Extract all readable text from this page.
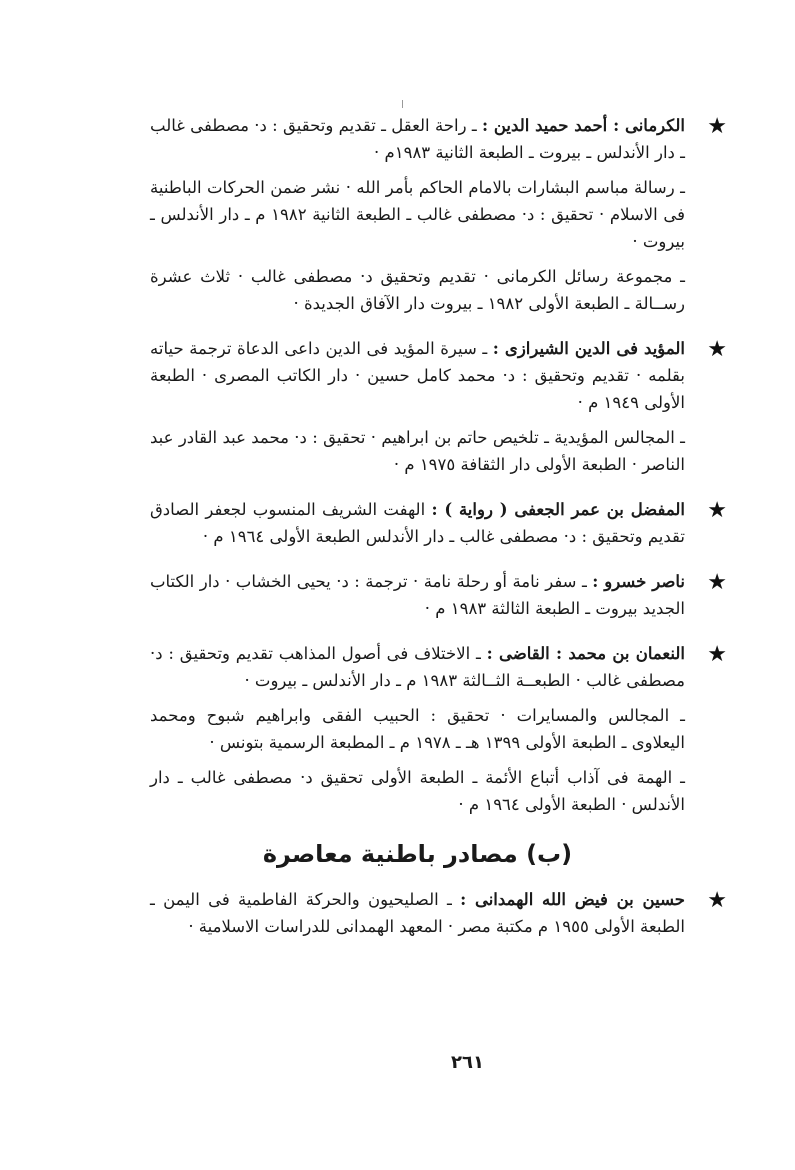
★

الكرمانى : أحمد حميد الدين : ـ راحة العقل ـ تقديم وتحقيق : د· مصطفى غالب ـ دار الأندلس ـ بيروت ـ الطبعة الثانية ١٩٨٣م ·

ـ رسالة مباسم البشارات بالامام الحاكم بأمر الله · نشر ضمن الحركات الباطنية فى الاسلام · تحقيق : د· مصطفى غالب ـ الطبعة الثانية ١٩٨٢ م ـ دار الأندلس ـ بيروت ·

ـ مجموعة رسائل الكرمانى · تقديم وتحقيق د· مصطفى غالب · ثلاث عشرة رســالة ـ الطبعة الأولى ١٩٨٢ ـ بيروت دار الآفاق الجديدة ·

★

المؤيد فى الدين الشيرازى : ـ سيرة المؤيد فى الدين داعى الدعاة ترجمة حياته بقلمه · تقديم وتحقيق : د· محمد كامل حسين · دار الكاتب المصرى · الطبعة الأولى ١٩٤٩ م ·

ـ المجالس المؤيدية ـ تلخيص حاتم بن ابراهيم · تحقيق : د· محمد عبد القادر عبد الناصر · الطبعة الأولى دار الثقافة ١٩٧٥ م ·

★

المفضل بن عمر الجعفى ( رواية ) : الهفت الشريف المنسوب لجعفر الصادق تقديم وتحقيق : د· مصطفى غالب ـ دار الأندلس الطبعة الأولى ١٩٦٤ م ·

★

ناصر خسرو : ـ سفر نامة أو رحلة نامة · ترجمة : د· يحيى الخشاب · دار الكتاب الجديد بيروت ـ الطبعة الثالثة ١٩٨٣ م ·

★

النعمان بن محمد : القاضى : ـ الاختلاف فى أصول المذاهب تقديم وتحقيق : د· مصطفى غالب · الطبعــة الثــالثة ١٩٨٣ م ـ دار الأندلس ـ بيروت ·

ـ المجالس والمسايرات · تحقيق : الحبيب الفقى وابراهيم شبوح ومحمد اليعلاوى ـ الطبعة الأولى ١٣٩٩ هـ ـ ١٩٧٨ م ـ المطبعة الرسمية بتونس ·

ـ الهمة فى آذاب أتباع الأئمة ـ الطبعة الأولى تحقيق د· مصطفى غالب ـ دار الأندلس · الطبعة الأولى ١٩٦٤ م ·

(ب) مصادر باطنية معاصرة
★

حسين بن فيض الله الهمدانى : ـ الصليحيون والحركة الفاطمية فى اليمن ـ الطبعة الأولى ١٩٥٥ م مكتبة مصر · المعهد الهمدانى للدراسات الاسلامية ·

٢٦١
